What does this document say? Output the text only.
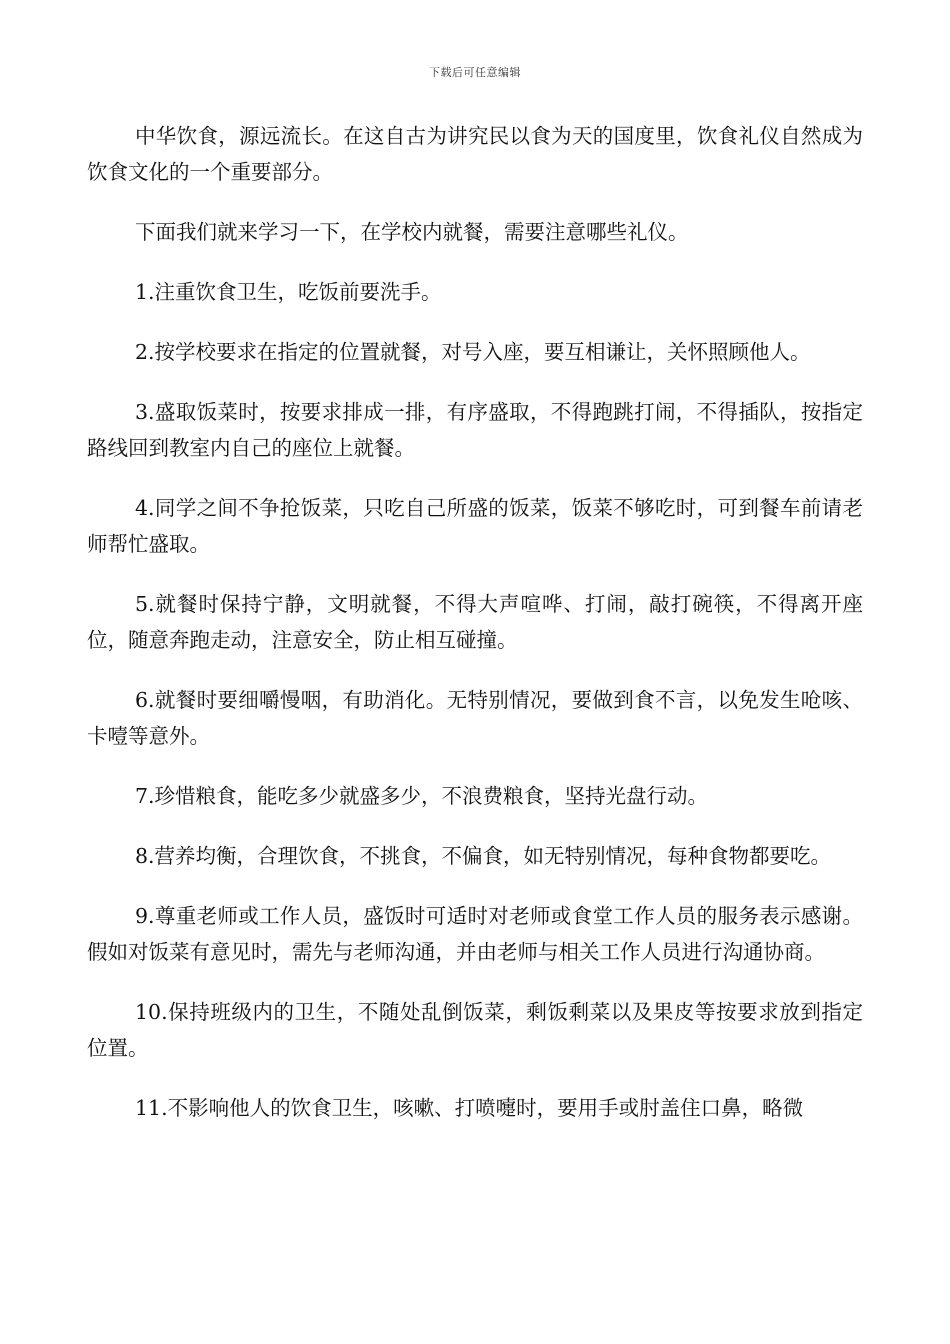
下载后可任意编辑

中华饮食，源远流长。在这自古为讲究民以食为天的国度里，饮食礼仪自然成为饮食文化的一个重要部分。

下面我们就来学习一下，在学校内就餐，需要注意哪些礼仪。

1.注重饮食卫生，吃饭前要洗手。

2.按学校要求在指定的位置就餐，对号入座，要互相谦让，关怀照顾他人。

3.盛取饭菜时，按要求排成一排，有序盛取，不得跑跳打闹，不得插队，按指定路线回到教室内自己的座位上就餐。

4.同学之间不争抢饭菜，只吃自己所盛的饭菜，饭菜不够吃时，可到餐车前请老师帮忙盛取。

5.就餐时保持宁静，文明就餐，不得大声喧哗、打闹，敲打碗筷，不得离开座位，随意奔跑走动，注意安全，防止相互碰撞。

6.就餐时要细嚼慢咽，有助消化。无特别情况，要做到食不言，以免发生呛咳、卡噎等意外。

7.珍惜粮食，能吃多少就盛多少，不浪费粮食，坚持光盘行动。

8.营养均衡，合理饮食，不挑食，不偏食，如无特别情况，每种食物都要吃。

9.尊重老师或工作人员，盛饭时可适时对老师或食堂工作人员的服务表示感谢。假如对饭菜有意见时，需先与老师沟通，并由老师与相关工作人员进行沟通协商。

10.保持班级内的卫生，不随处乱倒饭菜，剩饭剩菜以及果皮等按要求放到指定位置。

11.不影响他人的饮食卫生，咳嗽、打喷嚏时，要用手或肘盖住口鼻，略微
